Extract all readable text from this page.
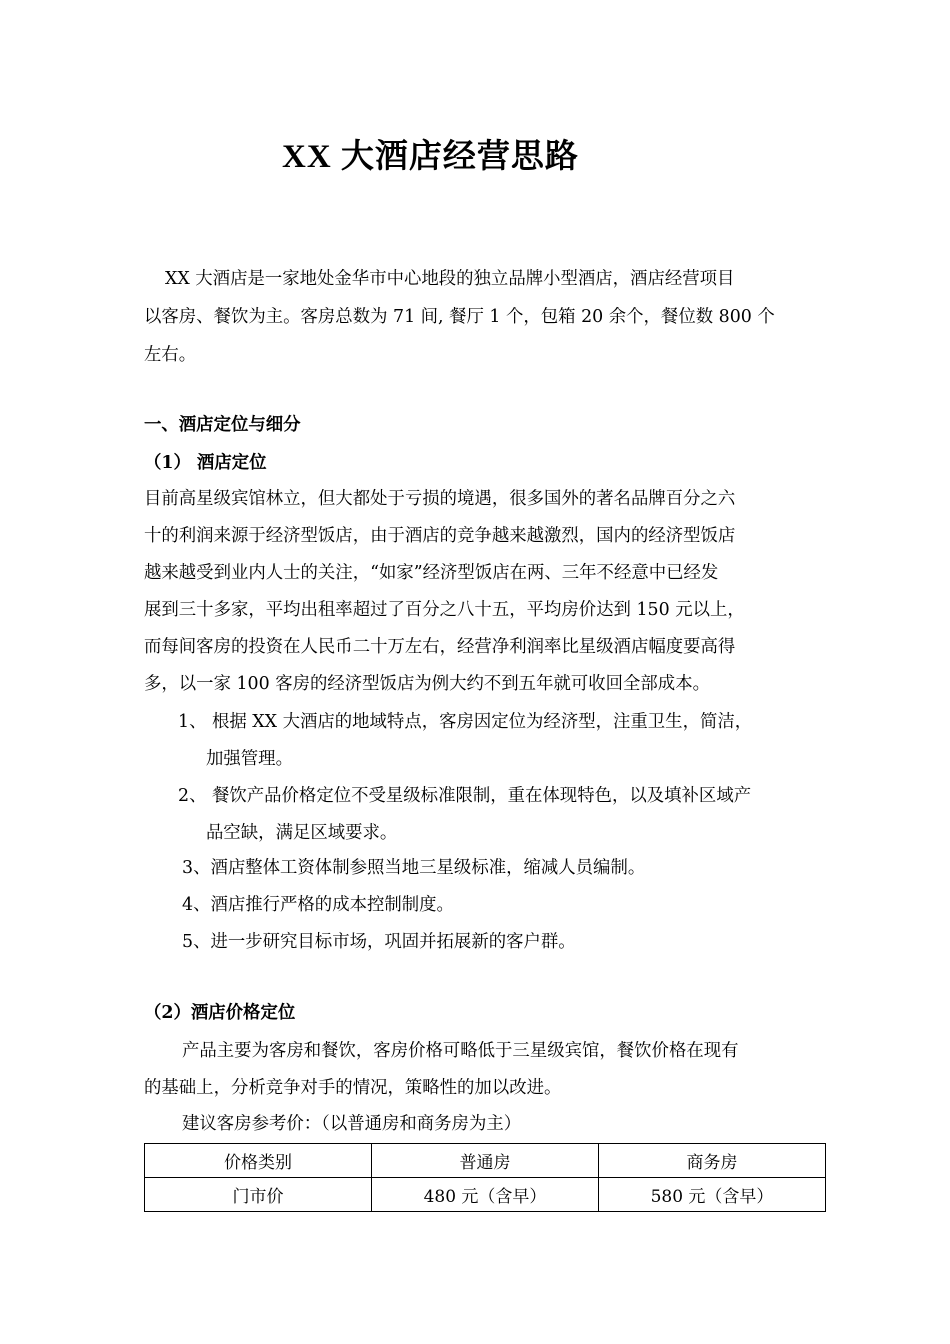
XX 大酒店经营思路
XX 大酒店是一家地处金华市中心地段的独立品牌小型酒店，酒店经营项目
以客房、餐饮为主。客房总数为 71 间, 餐厅 1 个，包箱 20 余个，餐位数 800 个
左右。
一、酒店定位与细分
（1） 酒店定位
目前高星级宾馆林立，但大都处于亏损的境遇，很多国外的著名品牌百分之六
十的利润来源于经济型饭店，由于酒店的竞争越来越激烈，国内的经济型饭店
越来越受到业内人士的关注，“如家”经济型饭店在两、三年不经意中已经发
展到三十多家，平均出租率超过了百分之八十五，平均房价达到 150 元以上，
而每间客房的投资在人民币二十万左右，经营净利润率比星级酒店幅度要高得
多，以一家 100 客房的经济型饭店为例大约不到五年就可收回全部成本。
1、 根据 XX 大酒店的地域特点，客房因定位为经济型，注重卫生，简洁，
加强管理。
2、 餐饮产品价格定位不受星级标准限制，重在体现特色，以及填补区域产
品空缺，满足区域要求。
3、酒店整体工资体制参照当地三星级标准，缩减人员编制。
4、酒店推行严格的成本控制制度。
5、进一步研究目标市场，巩固并拓展新的客户群。
（2）酒店价格定位
产品主要为客房和餐饮，客房价格可略低于三星级宾馆，餐饮价格在现有
的基础上，分析竞争对手的情况，策略性的加以改进。
建议客房参考价：（以普通房和商务房为主）
价格类别	普通房	商务房
门市价	480 元（含早）	580 元（含早）
